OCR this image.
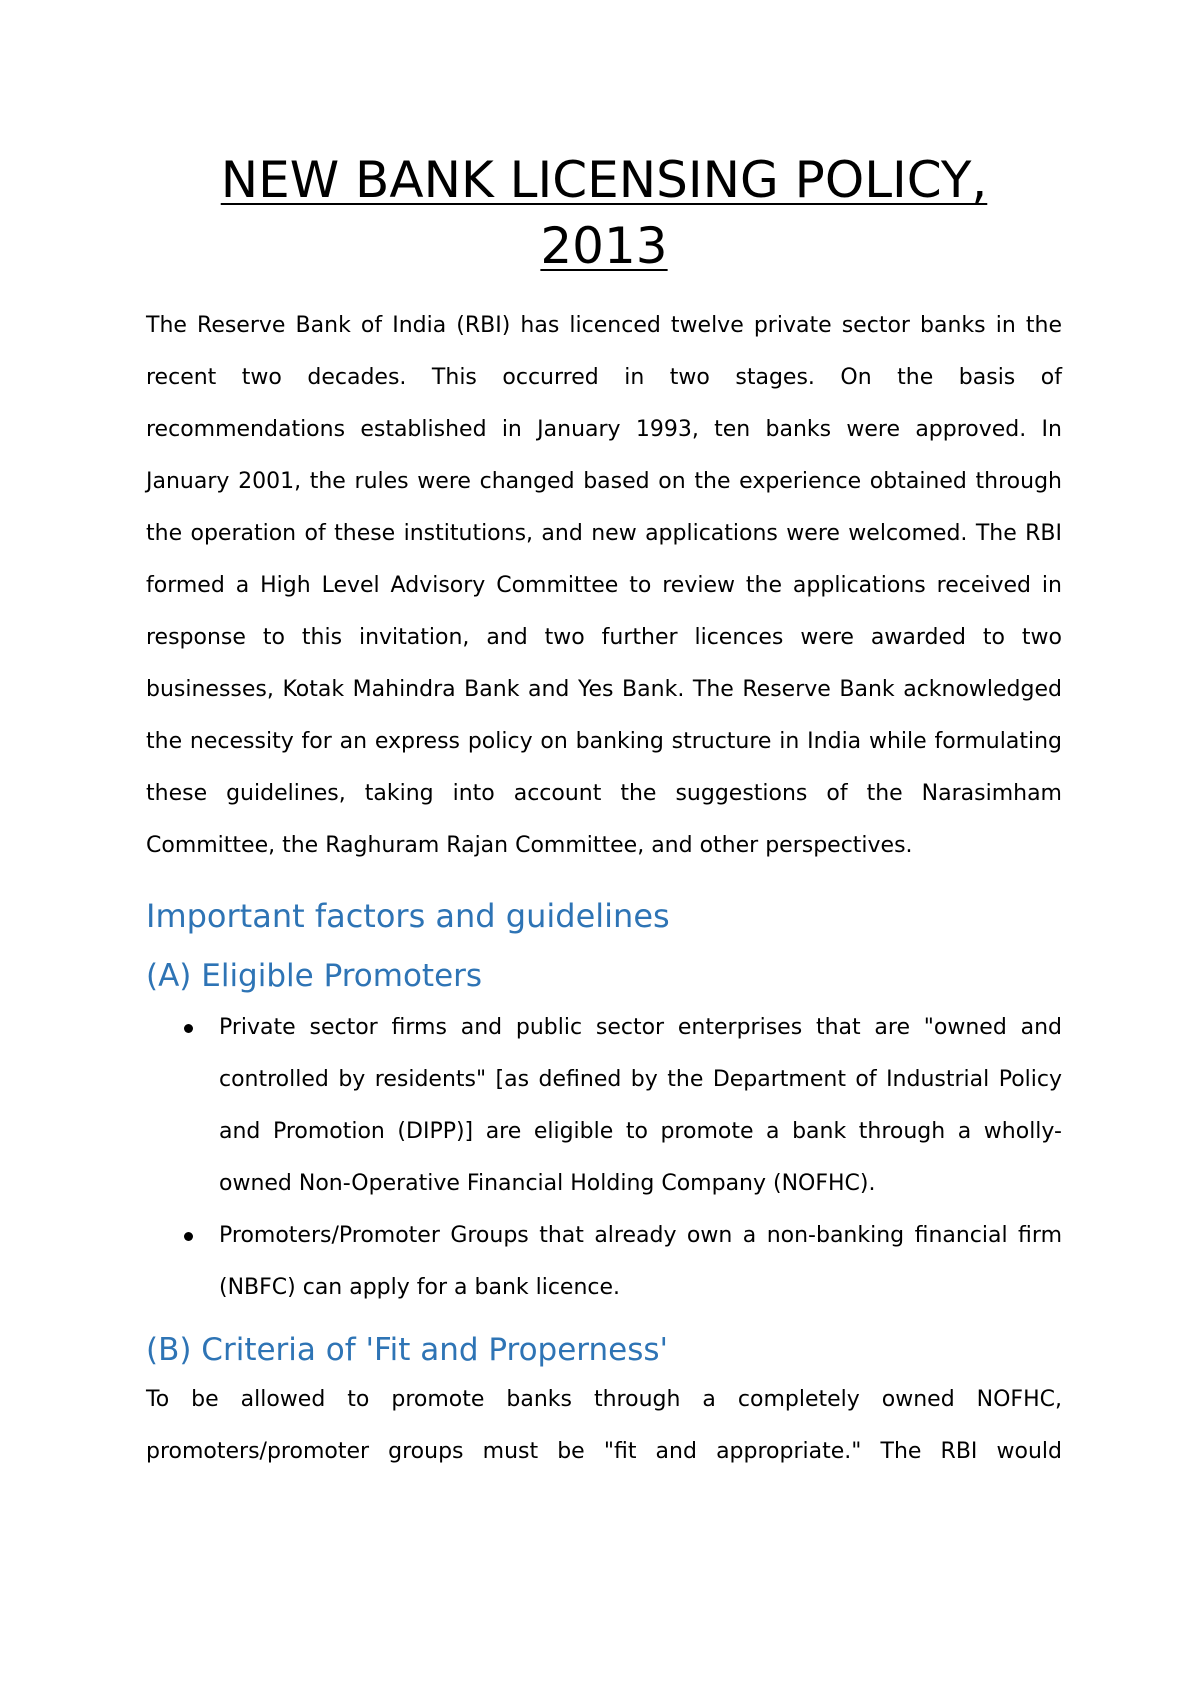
NEW BANK LICENSING POLICY,
2013

The Reserve Bank of India (RBI) has licenced twelve private sector banks in the recent two decades. This occurred in two stages. On the basis of recommendations established in January 1993, ten banks were approved. In January 2001, the rules were changed based on the experience obtained through the operation of these institutions, and new applications were welcomed. The RBI formed a High Level Advisory Committee to review the applications received in response to this invitation, and two further licences were awarded to two businesses, Kotak Mahindra Bank and Yes Bank. The Reserve Bank acknowledged the necessity for an express policy on banking structure in India while formulating these guidelines, taking into account the suggestions of the Narasimham Committee, the Raghuram Rajan Committee, and other perspectives.

Important factors and guidelines
(A) Eligible Promoters
Private sector firms and public sector enterprises that are "owned and controlled by residents" [as defined by the Department of Industrial Policy and Promotion (DIPP)] are eligible to promote a bank through a wholly-owned Non-Operative Financial Holding Company (NOFHC).
Promoters/Promoter Groups that already own a non-banking financial firm (NBFC) can apply for a bank licence.
(B) Criteria of 'Fit and Properness'

To be allowed to promote banks through a completely owned NOFHC, promoters/promoter groups must be "fit and appropriate." The RBI would
